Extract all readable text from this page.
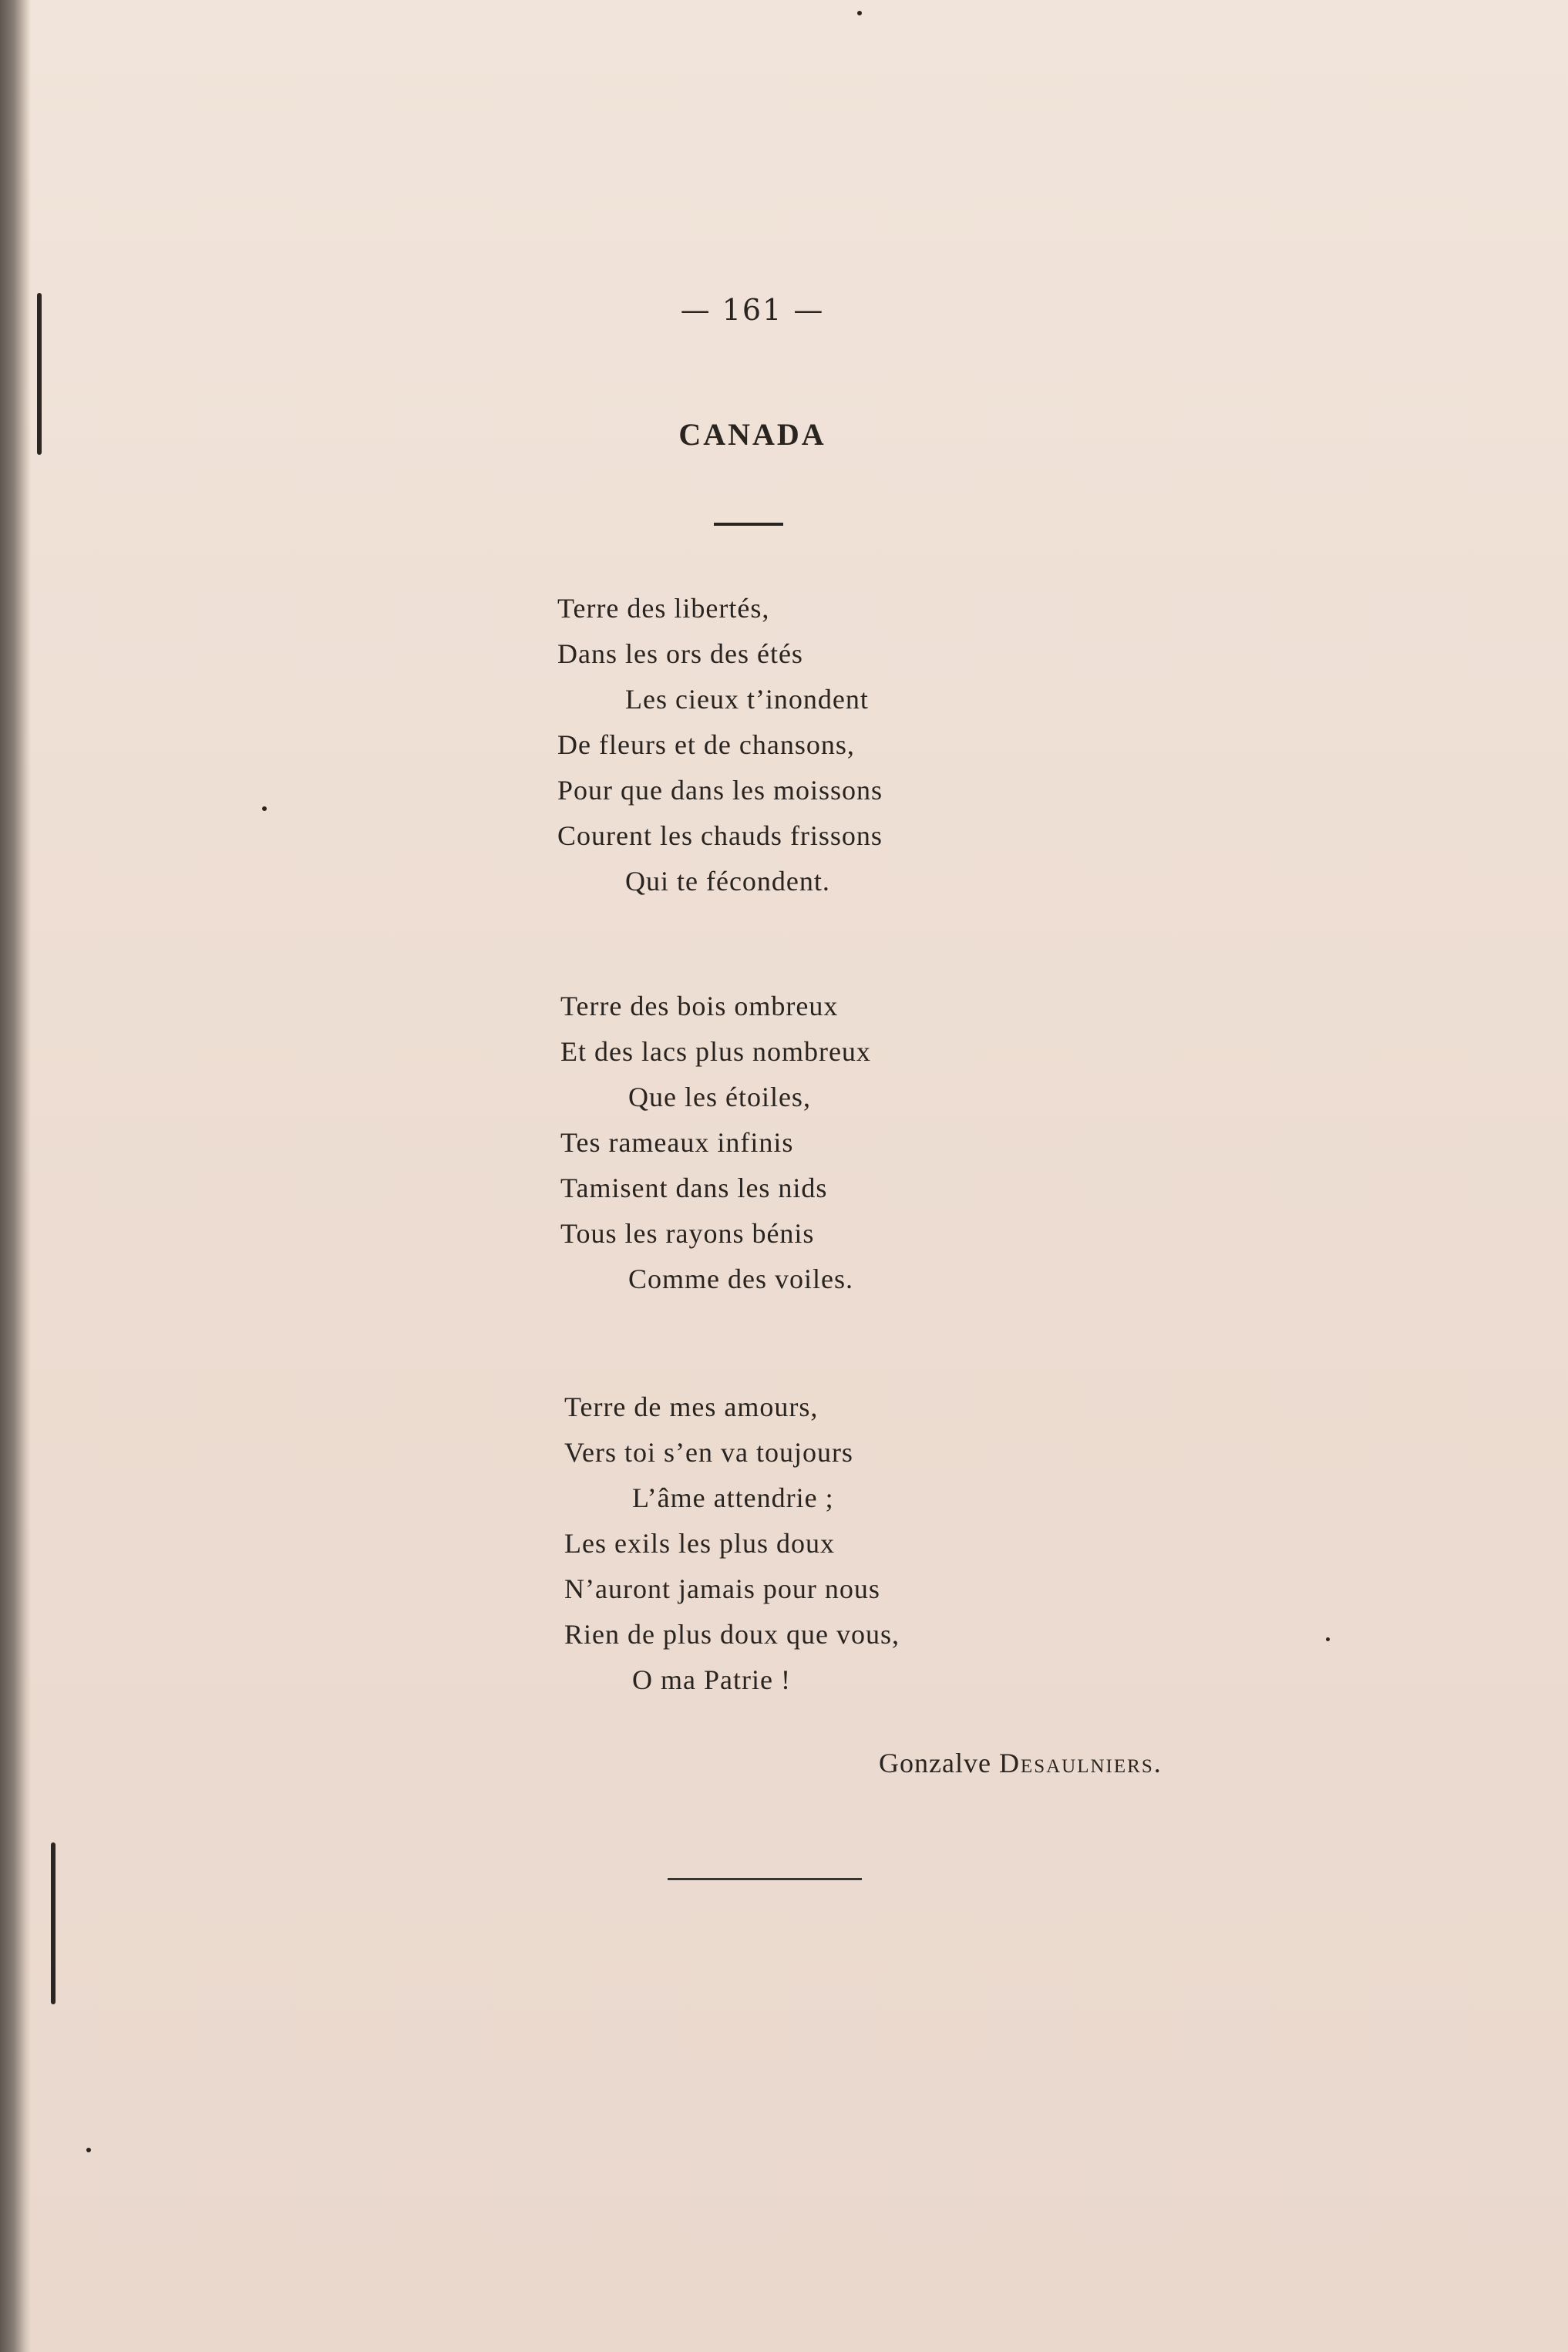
— 161 —
CANADA
Terre des libertés,
Dans les ors des étés
Les cieux t’inondent
De fleurs et de chansons,
Pour que dans les moissons
Courent les chauds frissons
Qui te fécondent.
Terre des bois ombreux
Et des lacs plus nombreux
Que les étoiles,
Tes rameaux infinis
Tamisent dans les nids
Tous les rayons bénis
Comme des voiles.
Terre de mes amours,
Vers toi s’en va toujours
L’âme attendrie ;
Les exils les plus doux
N’auront jamais pour nous
Rien de plus doux que vous,
O ma Patrie !
Gonzalve Desaulniers.
